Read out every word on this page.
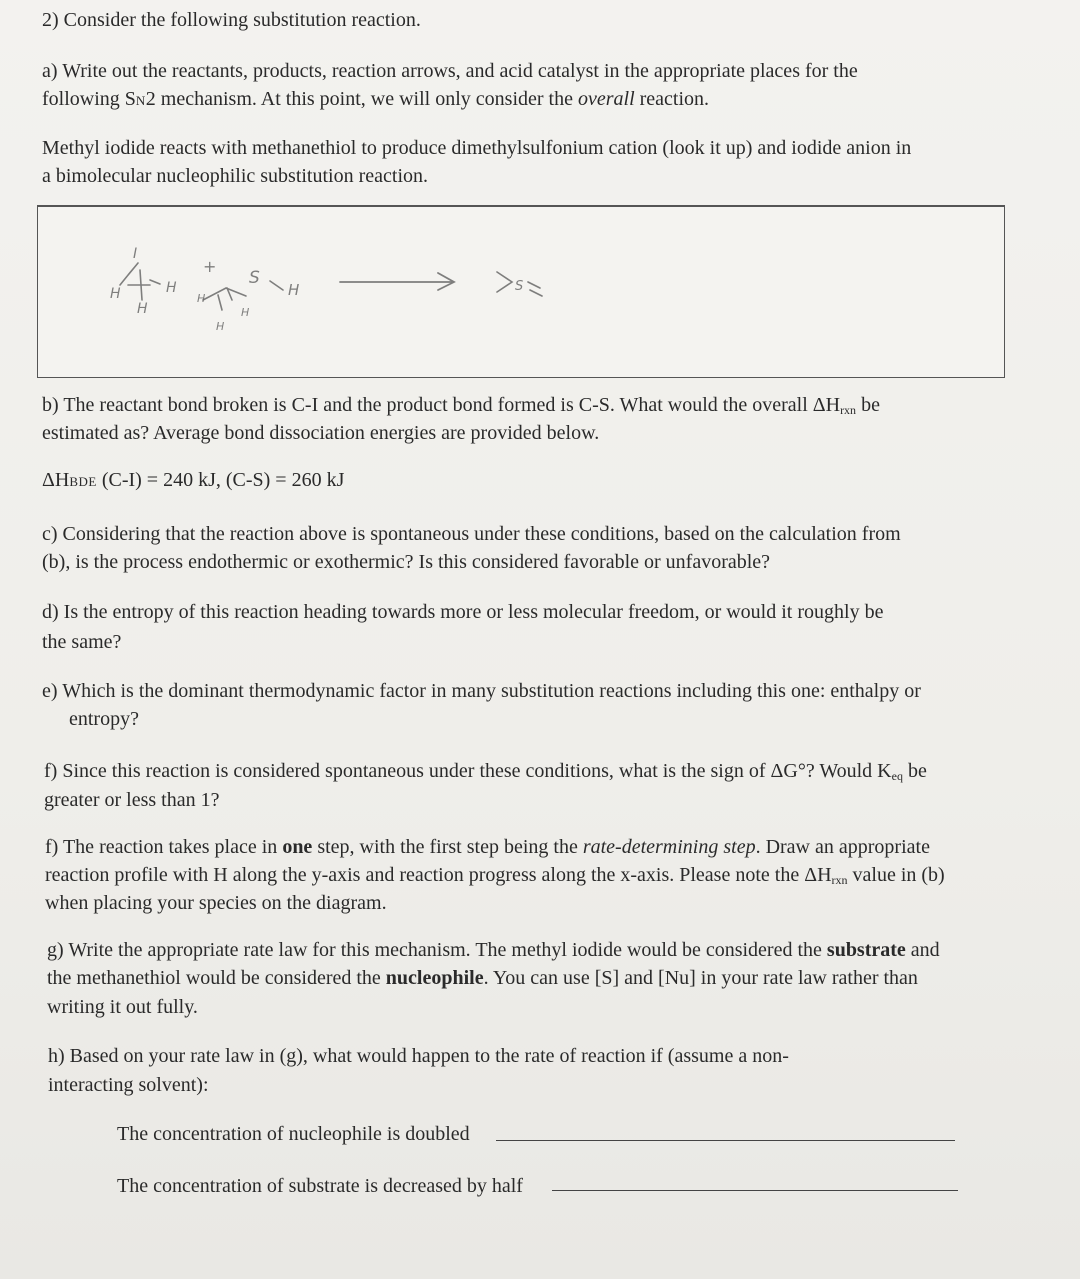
2) Consider the following substitution reaction.
a) Write out the reactants, products, reaction arrows, and acid catalyst in the appropriate places for the
following SN2 mechanism. At this point, we will only consider the overall reaction.
Methyl iodide reacts with methanethiol to produce dimethylsulfonium cation (look it up) and iodide anion in
a bimolecular nucleophilic substitution reaction.
I
H
H
H
+
S
H
H
H
H
S
b) The reactant bond broken is C-I and the product bond formed is C-S. What would the overall $\Delta H_{rxn}$ be
estimated as? Average bond dissociation energies are provided below.
ΔHBDE (C-I) = 240 kJ, (C-S) = 260 kJ
c) Considering that the reaction above is spontaneous under these conditions, based on the calculation from
(b), is the process endothermic or exothermic? Is this considered favorable or unfavorable?
d) Is the entropy of this reaction heading towards more or less molecular freedom, or would it roughly be
the same?
e) Which is the dominant thermodynamic factor in many substitution reactions including this one: enthalpy or
entropy?
f) Since this reaction is considered spontaneous under these conditions, what is the sign of ΔG°? Would $K_{eq}$ be
greater or less than 1?
f) The reaction takes place in one step, with the first step being the rate-determining step. Draw an appropriate
reaction profile with H along the y-axis and reaction progress along the x-axis. Please note the $\Delta H_{rxn}$ value in (b)
when placing your species on the diagram.
g) Write the appropriate rate law for this mechanism. The methyl iodide would be considered the substrate and
the methanethiol would be considered the nucleophile. You can use [S] and [Nu] in your rate law rather than
writing it out fully.
h) Based on your rate law in (g), what would happen to the rate of reaction if (assume a non-
interacting solvent):
The concentration of nucleophile is doubled
The concentration of substrate is decreased by half
